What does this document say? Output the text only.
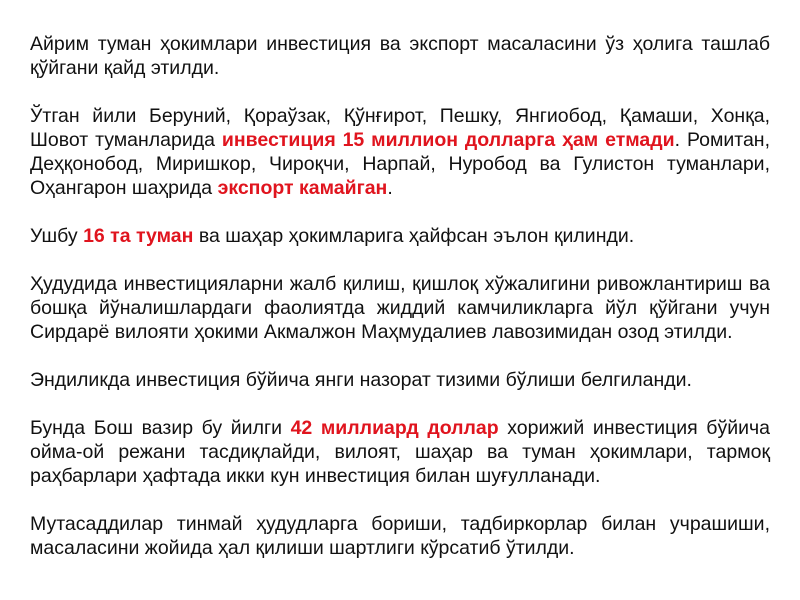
Айрим туман ҳокимлари инвестиция ва экспорт масаласини ўз ҳолига ташлаб қўйгани қайд этилди.

Ўтган йили Беруний, Қораўзак, Қўнғирот, Пешку, Янгиобод, Қамаши, Хонқа, Шовот туманларида инвестиция 15 миллион долларга ҳам етмади. Ромитан, Деҳқонобод, Миришкор, Чироқчи, Нарпай, Нуробод ва Гулистон туманлари, Оҳангарон шаҳрида экспорт камайган.

Ушбу 16 та туман ва шаҳар ҳокимларига ҳайфсан эълон қилинди.

Ҳудудида инвестицияларни жалб қилиш, қишлоқ хўжалигини ривожлантириш ва бошқа йўналишлардаги фаолиятда жиддий камчиликларга йўл қўйгани учун Сирдарё вилояти ҳокими Акмалжон Маҳмудалиев лавозимидан озод этилди.

Эндиликда инвестиция бўйича янги назорат тизими бўлиши белгиланди.

Бунда Бош вазир бу йилги 42 миллиард доллар хорижий инвестиция бўйича ойма-ой режани тасдиқлайди, вилоят, шаҳар ва туман ҳокимлари, тармоқ раҳбарлари ҳафтада икки кун инвестиция билан шуғулланади.

Мутасаддилар тинмай ҳудудларга бориши, тадбиркорлар билан учрашиши, масаласини жойида ҳал қилиши шартлиги кўрсатиб ўтилди.
